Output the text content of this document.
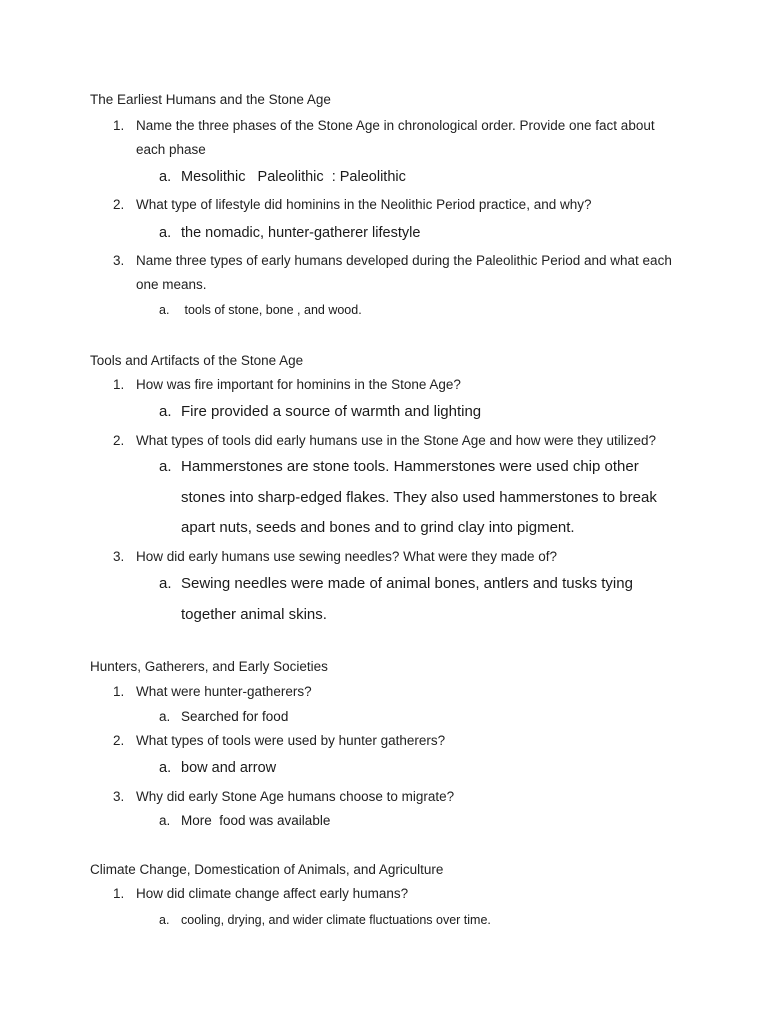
The Earliest Humans and the Stone Age
1. Name the three phases of the Stone Age in chronological order. Provide one fact about each phase
a. Mesolithic   Paleolithic  : Paleolithic
2. What type of lifestyle did hominins in the Neolithic Period practice, and why?
a. the nomadic, hunter-gatherer lifestyle
3. Name three types of early humans developed during the Paleolithic Period and what each one means.
a. tools of stone, bone , and wood.
Tools and Artifacts of the Stone Age
1. How was fire important for hominins in the Stone Age?
a. Fire provided a source of warmth and lighting
2. What types of tools did early humans use in the Stone Age and how were they utilized?
a. Hammerstones are stone tools. Hammerstones were used chip other stones into sharp-edged flakes. They also used hammerstones to break apart nuts, seeds and bones and to grind clay into pigment.
3. How did early humans use sewing needles? What were they made of?
a. Sewing needles were made of animal bones, antlers and tusks tying together animal skins.
Hunters, Gatherers, and Early Societies
1. What were hunter-gatherers?
a. Searched for food
2. What types of tools were used by hunter gatherers?
a. bow and arrow
3. Why did early Stone Age humans choose to migrate?
a. More  food was available
Climate Change, Domestication of Animals, and Agriculture
1. How did climate change affect early humans?
a. cooling, drying, and wider climate fluctuations over time.
